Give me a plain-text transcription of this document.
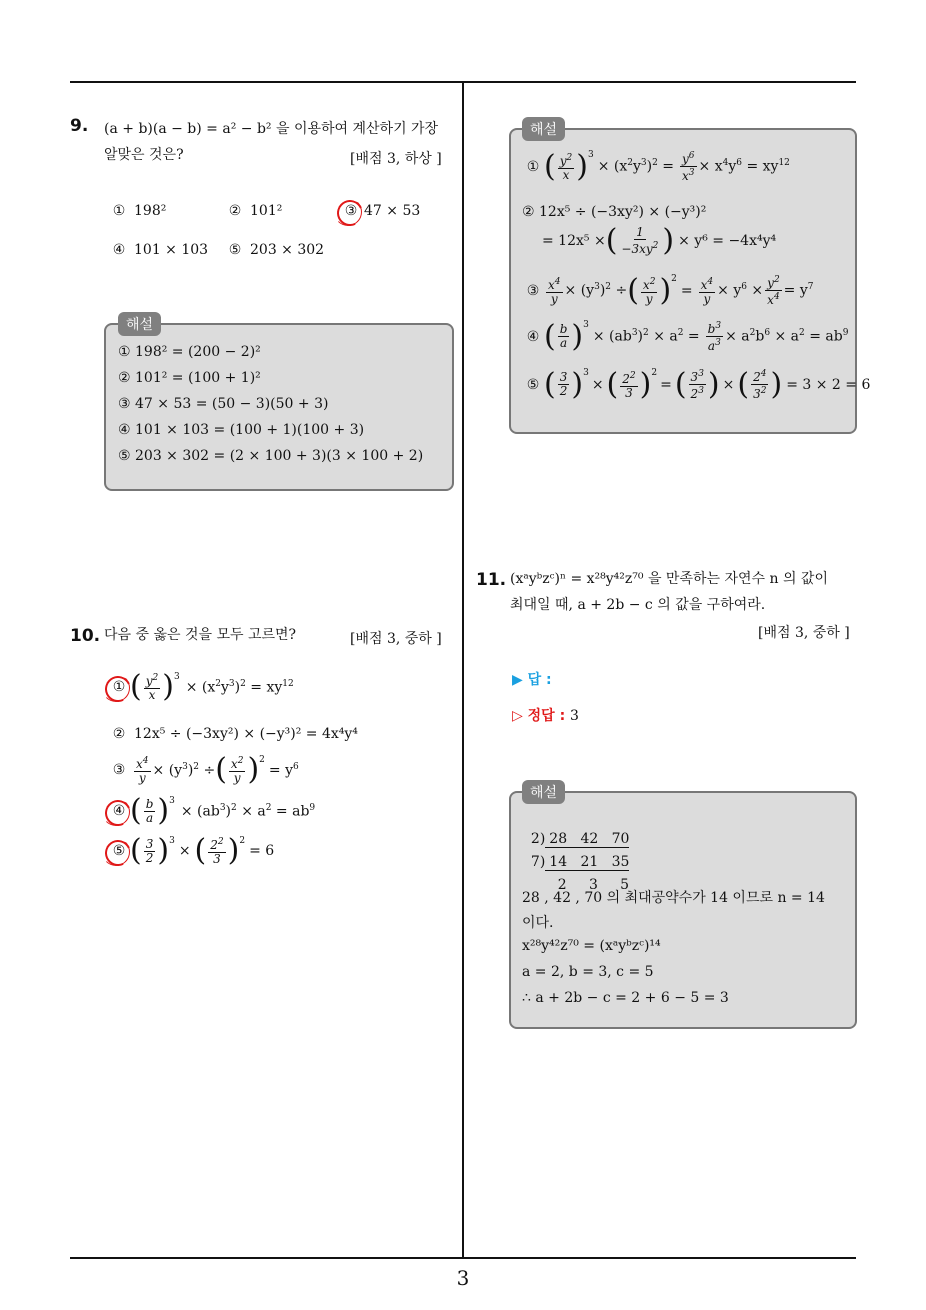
3
9. (a + b)(a − b) = a² − b² 을 이용하여 계산하기 가장
알맞은 것은?	[배점 3, 하상 ]
① 198²	② 101²	③ 47 × 53
④ 101 × 103	⑤ 203 × 302
해설
① 198² = (200 − 2)²
② 101² = (100 + 1)²
③ 47 × 53 = (50 − 3)(50 + 3)
④ 101 × 103 = (100 + 1)(100 + 3)
⑤ 203 × 302 = (2 × 100 + 3)(3 × 100 + 2)
10. 다음 중 옳은 것을 모두 고르면?	[배점 3, 중하 ]
① ( $\frac{y^2}{x} )^3$
× $(x^2y^3)^2 = xy^{12}$
② 12x⁵ ÷ (−3xy²) × (−y³)² = 4x⁴y⁴
③ $\frac{x^4}{y} \times (y^3)^2$ ÷ ( $\frac{x^2}{y} )^2$
= $y^6$
④ ( $\frac{b}{a} )^3$
× $(ab^3)^2 \times a^2 = ab^9$
⑤ ( $\frac{3}{2} )^3$
× ( $\frac{2^2}{3} )^2$
= 6
해설
① ( $\frac{y^2}{x} )^3$
× $(x^2y^3)^2 = \frac{y^6}{x^3} \times x^4y^6 = xy^{12}$
② 12x⁵ ÷ (−3xy²) × (−y³)²
= 12x⁵ × ( $\frac{1}{-3xy^2}$ ) × y⁶ = −4x⁴y⁴
③ $\frac{x^4}{y} \times (y^3)^2$ ÷ ( $\frac{x^2}{y} )^2$
= $\frac{x^4}{y} \times y^6 \times \frac{y^2}{x^4} = y^7$
④ ( $\frac{b}{a} )^3$
× $(ab^3)^2 \times a^2 = \frac{b^3}{a^3} \times a^2b^6 \times a^2 = ab^9$
⑤ ( $\frac{3}{2} )^3$
× ( $\frac{2^2}{3} )^2$
= ( $\frac{3^3}{2^3}$ ) × ( $\frac{2^4}{3^2}$ ) = 3 × 2 = 6
11. (xᵃyᵇzᶜ)ⁿ = x²⁸y⁴²z⁷⁰ 을 만족하는 자연수 n 의 값이
최대일 때, a + 2b − c 의 값을 구하여라.
[배점 3, 중하 ]
▶ 답 :
▷ 정답 : 3
해설

2) 28   42   70

7) 14   21   35

2     3     5

28 , 42 , 70 의 최대공약수가 14 이므로 n = 14
이다.
x²⁸y⁴²z⁷⁰ = (xᵃyᵇzᶜ)¹⁴
a = 2, b = 3, c = 5
∴ a + 2b − c = 2 + 6 − 5 = 3
